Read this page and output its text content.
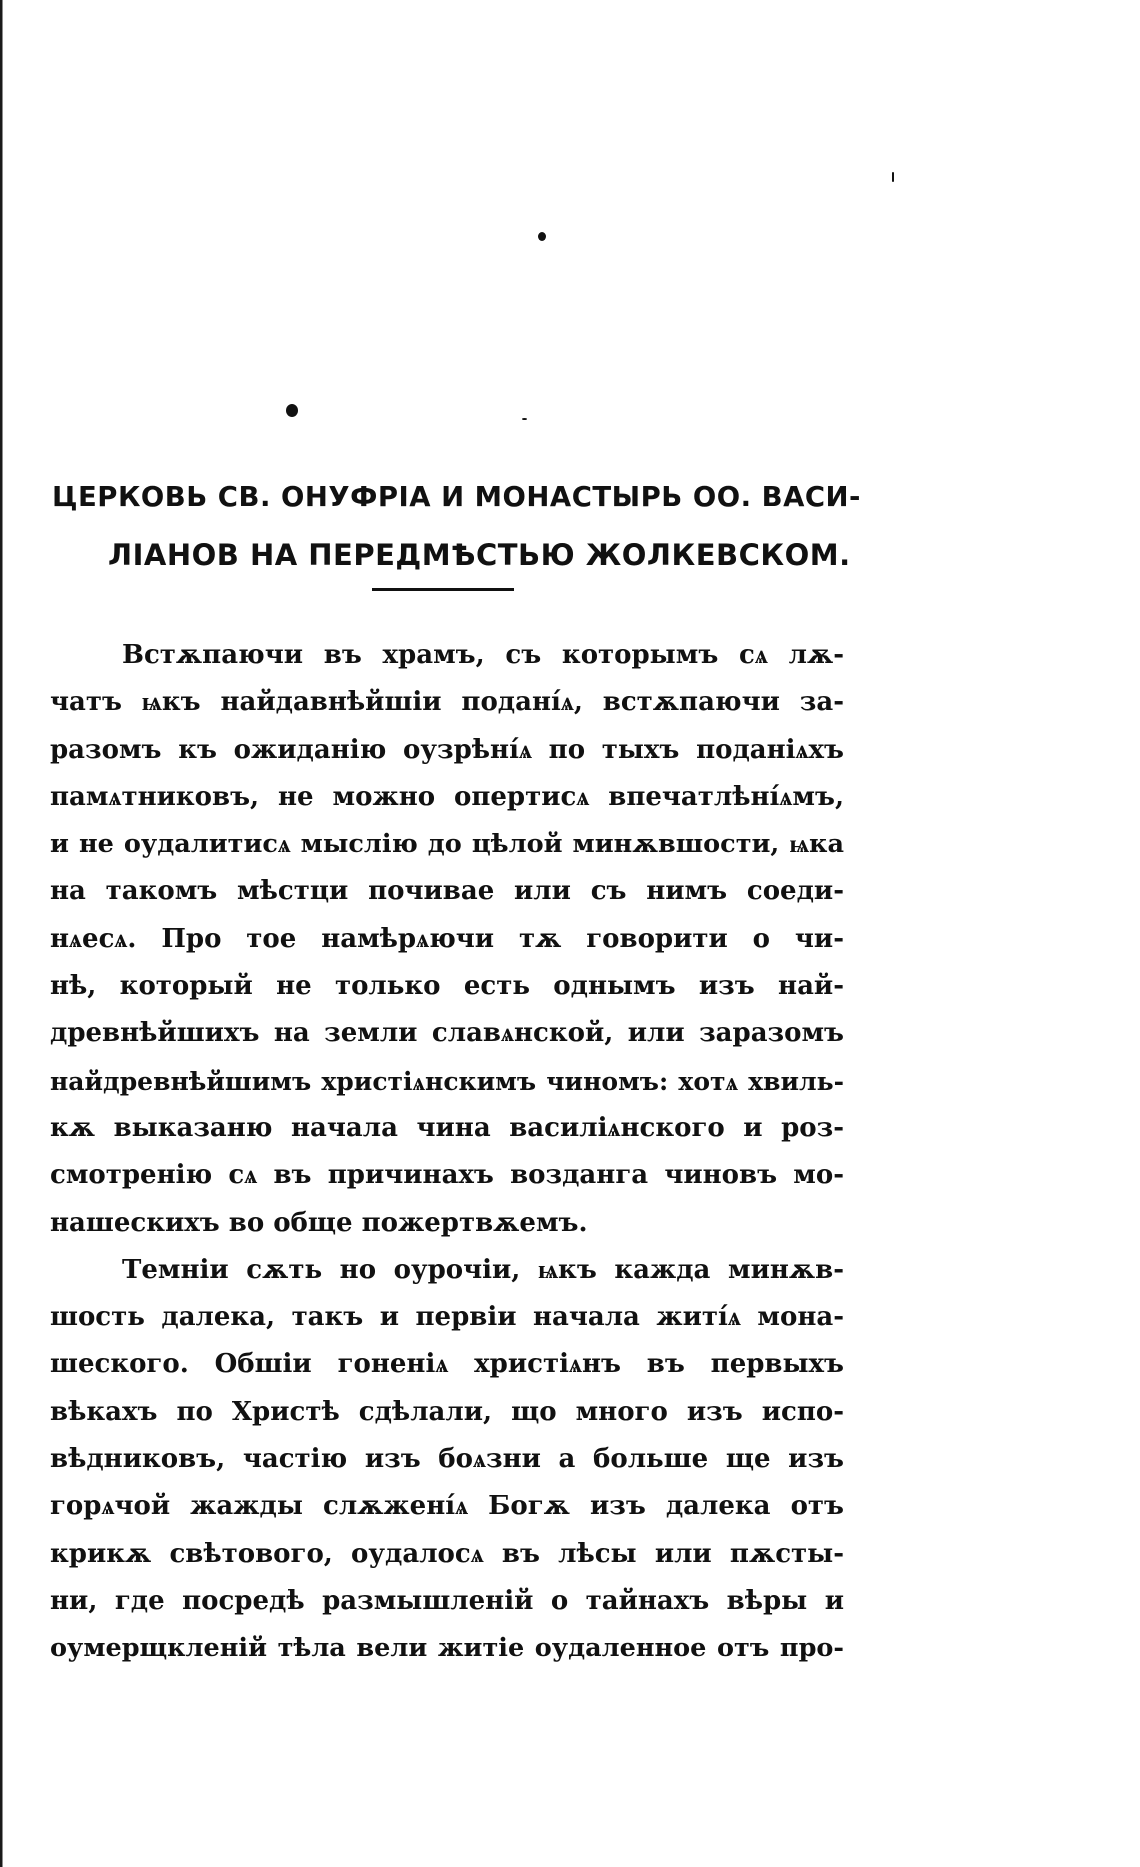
ЦЕРКОВЬ СВ. ОНУФРІА И МОНАСТЫРЬ ОО. ВАСИ-
ЛІАНОВ НА ПЕРЕДМѢСТЬЮ ЖОЛКЕВСКОМ.
Встѫпаючи въ храмъ, съ которымъ сѧ лѫ-
чатъ ѩкъ найдавнѣйшіи подані́ѧ, встѫпаючи за-
разомъ къ ожиданію оузрѣні́ѧ по тыхъ поданіѧхъ
памѧтниковъ, не можно опертисѧ впечатлѣні́ѧмъ,
и не оудалитисѧ мыслію до цѣлой минѫвшости, ѩка
на такомъ мѣстци почивае или съ нимъ соеди-
нѧесѧ. Про тое намѣрѧючи тѫ говорити о чи-
нѣ, который не только есть однымъ изъ най-
древнѣйшихъ на земли славѧнской, или заразомъ
найдревнѣйшимъ христіѧнскимъ чиномъ: хотѧ хвиль-
кѫ выказаню начала чина василіѧнского и роз-
смотренію сѧ въ причинахъ возданга чиновъ мо-
нашескихъ во обще пожертвѫемъ.
Темніи сѫть но оурочіи, ѩкъ кажда минѫв-
шость далека, такъ и первіи начала житі́ѧ мона-
шеского. Обшіи гоненіѧ христіѧнъ въ первыхъ
вѣкахъ по Христѣ сдѣлали, що много изъ испо-
вѣдниковъ, частію изъ боѧзни а больше ще изъ
горѧчой жажды слѫжені́ѧ Богѫ изъ далека отъ
крикѫ свѣтового, оудалосѧ въ лѣсы или пѫсты-
ни, где посредѣ размышленій о тайнахъ вѣры и
оумерщкленій тѣла вели житіе оудаленное отъ про-
